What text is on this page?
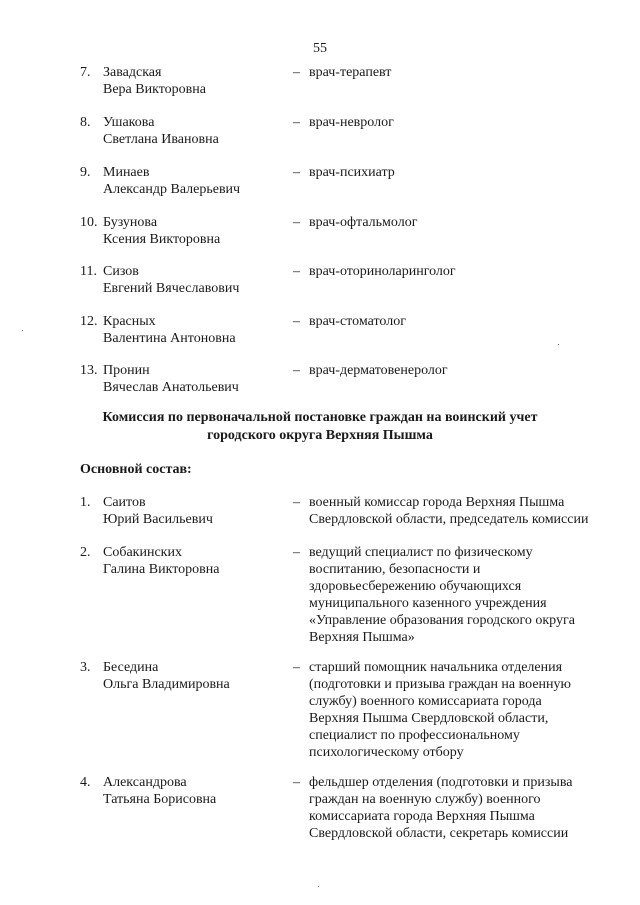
55
7. Завадская
Вера Викторовна
– врач-терапевт
8. Ушакова
Светлана Ивановна
– врач-невролог
9. Минаев
Александр Валерьевич
– врач-психиатр
10. Бузунова
Ксения Викторовна
– врач-офтальмолог
11. Сизов
Евгений Вячеславович
– врач-оториноларинголог
12. Красных
Валентина Антоновна
– врач-стоматолог
13. Пронин
Вячеслав Анатольевич
– врач-дерматовенеролог
Комиссия по первоначальной постановке граждан на воинский учет
городского округа Верхняя Пышма
Основной состав:
1. Саитов
Юрий Васильевич
– военный комиссар города Верхняя Пышма
Свердловской области, председатель комиссии
2. Собакинских
Галина Викторовна
– ведущий специалист по физическому
воспитанию, безопасности и
здоровьесбережению обучающихся
муниципального казенного учреждения
«Управление образования городского округа
Верхняя Пышма»
3. Беседина
Ольга Владимировна
– старший помощник начальника отделения
(подготовки и призыва граждан на военную
службу) военного комиссариата города
Верхняя Пышма Свердловской области,
специалист по профессиональному
психологическому отбору
4. Александрова
Татьяна Борисовна
– фельдшер отделения (подготовки и призыва
граждан на военную службу) военного
комиссариата города Верхняя Пышма
Свердловской области, секретарь комиссии
